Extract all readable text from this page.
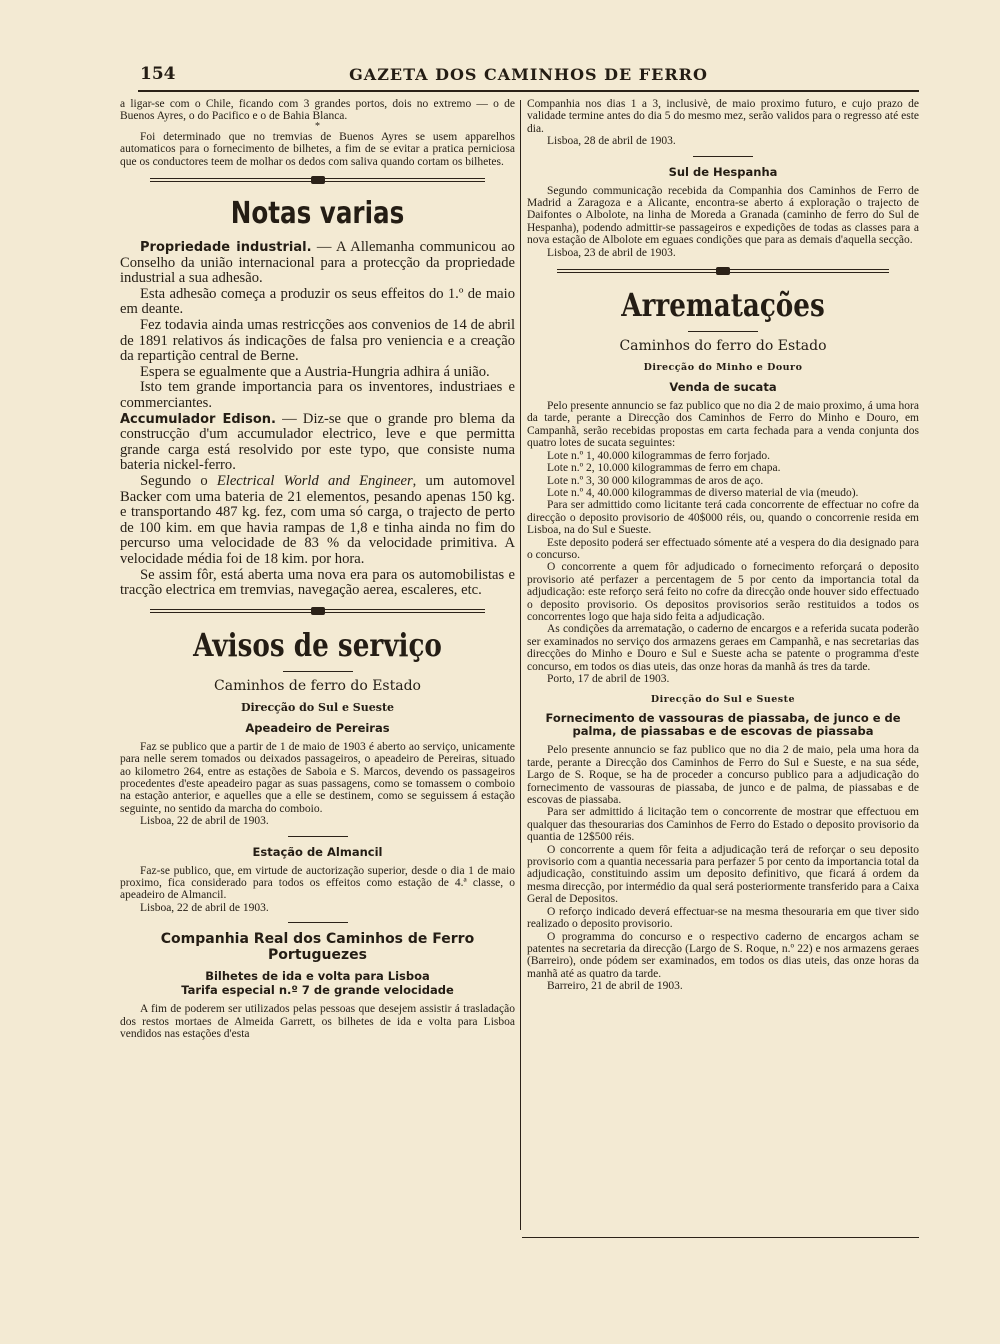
154	GAZETA DOS CAMINHOS DE FERRO

a ligar-se com o Chile, ficando com 3 grandes portos, dois no extremo — o de Buenos Ayres, o do Pacifico e o de Bahia Blanca.

*

Foi determinado que no tremvias de Buenos Ayres se usem apparelhos automaticos para o fornecimento de bilhetes, a fim de se evitar a pratica perniciosa que os conductores teem de molhar os dedos com saliva quando cortam os bilhetes.

Notas varias

Propriedade industrial. — A Allemanha communicou ao Conselho da união internacional para a protecção da propriedade industrial a sua adhesão.

Esta adhesão começa a produzir os seus effeitos do 1.º de maio em deante.

Fez todavia ainda umas restricções aos convenios de 14 de abril de 1891 relativos ás indicações de falsa pro veniencia e a creação da repartição central de Berne.

Espera se egualmente que a Austria-Hungria adhira á união.

Isto tem grande importancia para os inventores, industriaes e commerciantes.

Accumulador Edison. — Diz-se que o grande pro blema da construcção d'um accumulador electrico, leve e que permitta grande carga está resolvido por este typo, que consiste numa bateria nickel-ferro.

Segundo o Electrical World and Engineer, um automovel Backer com uma bateria de 21 elementos, pesando apenas 150 kg. e transportando 487 kg. fez, com uma só carga, o trajecto de perto de 100 kim. em que havia rampas de 1,8 e tinha ainda no fim do percurso uma velocidade de 83 % da velocidade primitiva. A velocidade média foi de 18 kim. por hora.

Se assim fôr, está aberta uma nova era para os automobilistas e tracção electrica em tremvias, navegação aerea, escaleres, etc.

Avisos de serviço
Caminhos de ferro do Estado
Direcção do Sul e Sueste
Apeadeiro de Pereiras

Faz se publico que a partir de 1 de maio de 1903 é aberto ao serviço, unicamente para nelle serem tomados ou deixados passageiros, o apeadeiro de Pereiras, situado ao kilometro 264, entre as estações de Saboia e S. Marcos, devendo os passageiros procedentes d'este apeadeiro pagar as suas passagens, como se tomassem o comboio na estação anterior, e aquelles que a elle se destinem, como se seguissem á estação seguinte, no sentido da marcha do comboio.

Lisboa, 22 de abril de 1903.

Estação de Almancil

Faz-se publico, que, em virtude de auctorização superior, desde o dia 1 de maio proximo, fica considerado para todos os effeitos como estação de 4.ª classe, o apeadeiro de Almancil.

Lisboa, 22 de abril de 1903.

Companhia Real dos Caminhos de Ferro Portuguezes
Bilhetes de ida e volta para Lisboa
Tarifa especial n.º 7 de grande velocidade

A fim de poderem ser utilizados pelas pessoas que desejem assistir á trasladação dos restos mortaes de Almeida Garrett, os bilhetes de ida e volta para Lisboa vendidos nas estações d'esta

Companhia nos dias 1 a 3, inclusivè, de maio proximo futuro, e cujo prazo de validade termine antes do dia 5 do mesmo mez, serão validos para o regresso até este dia.

Lisboa, 28 de abril de 1903.

Sul de Hespanha

Segundo communicação recebida da Companhia dos Caminhos de Ferro de Madrid a Zaragoza e a Alicante, encontra-se aberto á exploração o trajecto de Daifontes o Albolote, na linha de Moreda a Granada (caminho de ferro do Sul de Hespanha), podendo admittir-se passageiros e expedições de todas as classes para a nova estação de Albolote em eguaes condições que para as demais d'aquella secção.

Lisboa, 23 de abril de 1903.

Arrematações
Caminhos do ferro do Estado
Direcção do Minho e Douro
Venda de sucata

Pelo presente annuncio se faz publico que no dia 2 de maio proximo, á uma hora da tarde, perante a Direcção dos Caminhos de Ferro do Minho e Douro, em Campanhã, serão recebidas propostas em carta fechada para a venda conjunta dos quatro lotes de sucata seguintes:

Lote n.º 1, 40.000 kilogrammas de ferro forjado.

Lote n.º 2, 10.000 kilogrammas de ferro em chapa.

Lote n.º 3, 30 000 kilogrammas de aros de aço.

Lote n.º 4, 40.000 kilogrammas de diverso material de via (meudo).

Para ser admittido como licitante terá cada concorrente de effectuar no cofre da direcção o deposito provisorio de 40$000 réis, ou, quando o concorrenie resida em Lisboa, na do Sul e Sueste.

Este deposito poderá ser effectuado sómente até a vespera do dia designado para o concurso.

O concorrente a quem fôr adjudicado o fornecimento reforçará o deposito provisorio até perfazer a percentagem de 5 por cento da importancia total da adjudicação: este reforço será feito no cofre da direcção onde houver sido effectuado o deposito provisorio. Os depositos provisorios serão restituidos a todos os concorrentes logo que haja sido feita a adjudicação.

As condições da arrematação, o caderno de encargos e a referida sucata poderão ser examinados no serviço dos armazens geraes em Campanhã, e nas secretarias das direcções do Minho e Douro e Sul e Sueste acha se patente o programma d'este concurso, em todos os dias uteis, das onze horas da manhã ás tres da tarde.

Porto, 17 de abril de 1903.

Direcção do Sul e Sueste
Fornecimento de vassouras de piassaba, de junco e de palma, de piassabas e de escovas de piassaba

Pelo presente annuncio se faz publico que no dia 2 de maio, pela uma hora da tarde, perante a Direcção dos Caminhos de Ferro do Sul e Sueste, e na sua séde, Largo de S. Roque, se ha de proceder a concurso publico para a adjudicação do fornecimento de vassouras de piassaba, de junco e de palma, de piassabas e de escovas de piassaba.

Para ser admittido á licitação tem o concorrente de mostrar que effectuou em qualquer das thesourarias dos Caminhos de Ferro do Estado o deposito provisorio da quantia de 12$500 réis.

O concorrente a quem fôr feita a adjudicação terá de reforçar o seu deposito provisorio com a quantia necessaria para perfazer 5 por cento da importancia total da adjudicação, constituindo assim um deposito definitivo, que ficará á ordem da mesma direcção, por intermédio da qual será posteriormente transferido para a Caixa Geral de Depositos.

O reforço indicado deverá effectuar-se na mesma thesouraria em que tiver sido realizado o deposito provisorio.

O programma do concurso e o respectivo caderno de encargos acham se patentes na secretaria da direcção (Largo de S. Roque, n.º 22) e nos armazens geraes (Barreiro), onde pódem ser examinados, em todos os dias uteis, das onze horas da manhã até as quatro da tarde.

Barreiro, 21 de abril de 1903.
